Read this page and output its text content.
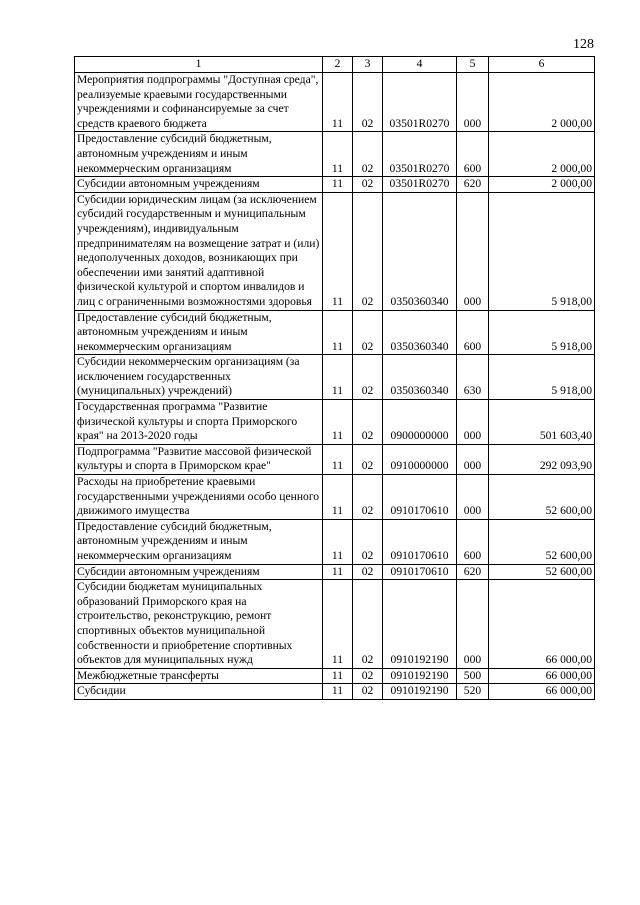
128
1	2	3	4	5	6
Мероприятия подпрограммы "Доступная среда", реализуемые краевыми государственными учреждениями и софинансируемые за счет средств краевого бюджета	11	02	03501R0270	000	2 000,00
Предоставление субсидий бюджетным, автономным учреждениям и иным некоммерческим организациям	11	02	03501R0270	600	2 000,00
Субсидии автономным учреждениям	11	02	03501R0270	620	2 000,00
Субсидии юридическим лицам (за исключением субсидий государственным и муниципальным учреждениям), индивидуальным предпринимателям на возмещение затрат и (или) недополученных доходов, возникающих при обеспечении ими занятий адаптивной физической культурой и спортом инвалидов и лиц с ограниченными возможностями здоровья	11	02	0350360340	000	5 918,00
Предоставление субсидий бюджетным, автономным учреждениям и иным некоммерческим организациям	11	02	0350360340	600	5 918,00
Субсидии некоммерческим организациям (за исключением государственных (муниципальных) учреждений)	11	02	0350360340	630	5 918,00
Государственная программа "Развитие физической культуры и спорта Приморского края" на 2013-2020 годы	11	02	0900000000	000	501 603,40
Подпрограмма "Развитие массовой физической культуры и спорта в Приморском крае"	11	02	0910000000	000	292 093,90
Расходы на приобретение краевыми государственными учреждениями особо ценного движимого имущества	11	02	0910170610	000	52 600,00
Предоставление субсидий бюджетным, автономным учреждениям и иным некоммерческим организациям	11	02	0910170610	600	52 600,00
Субсидии автономным учреждениям	11	02	0910170610	620	52 600,00
Субсидии бюджетам муниципальных образований Приморского края на строительство, реконструкцию, ремонт спортивных объектов муниципальной собственности и приобретение спортивных объектов для муниципальных нужд	11	02	0910192190	000	66 000,00
Межбюджетные трансферты	11	02	0910192190	500	66 000,00
Субсидии	11	02	0910192190	520	66 000,00
